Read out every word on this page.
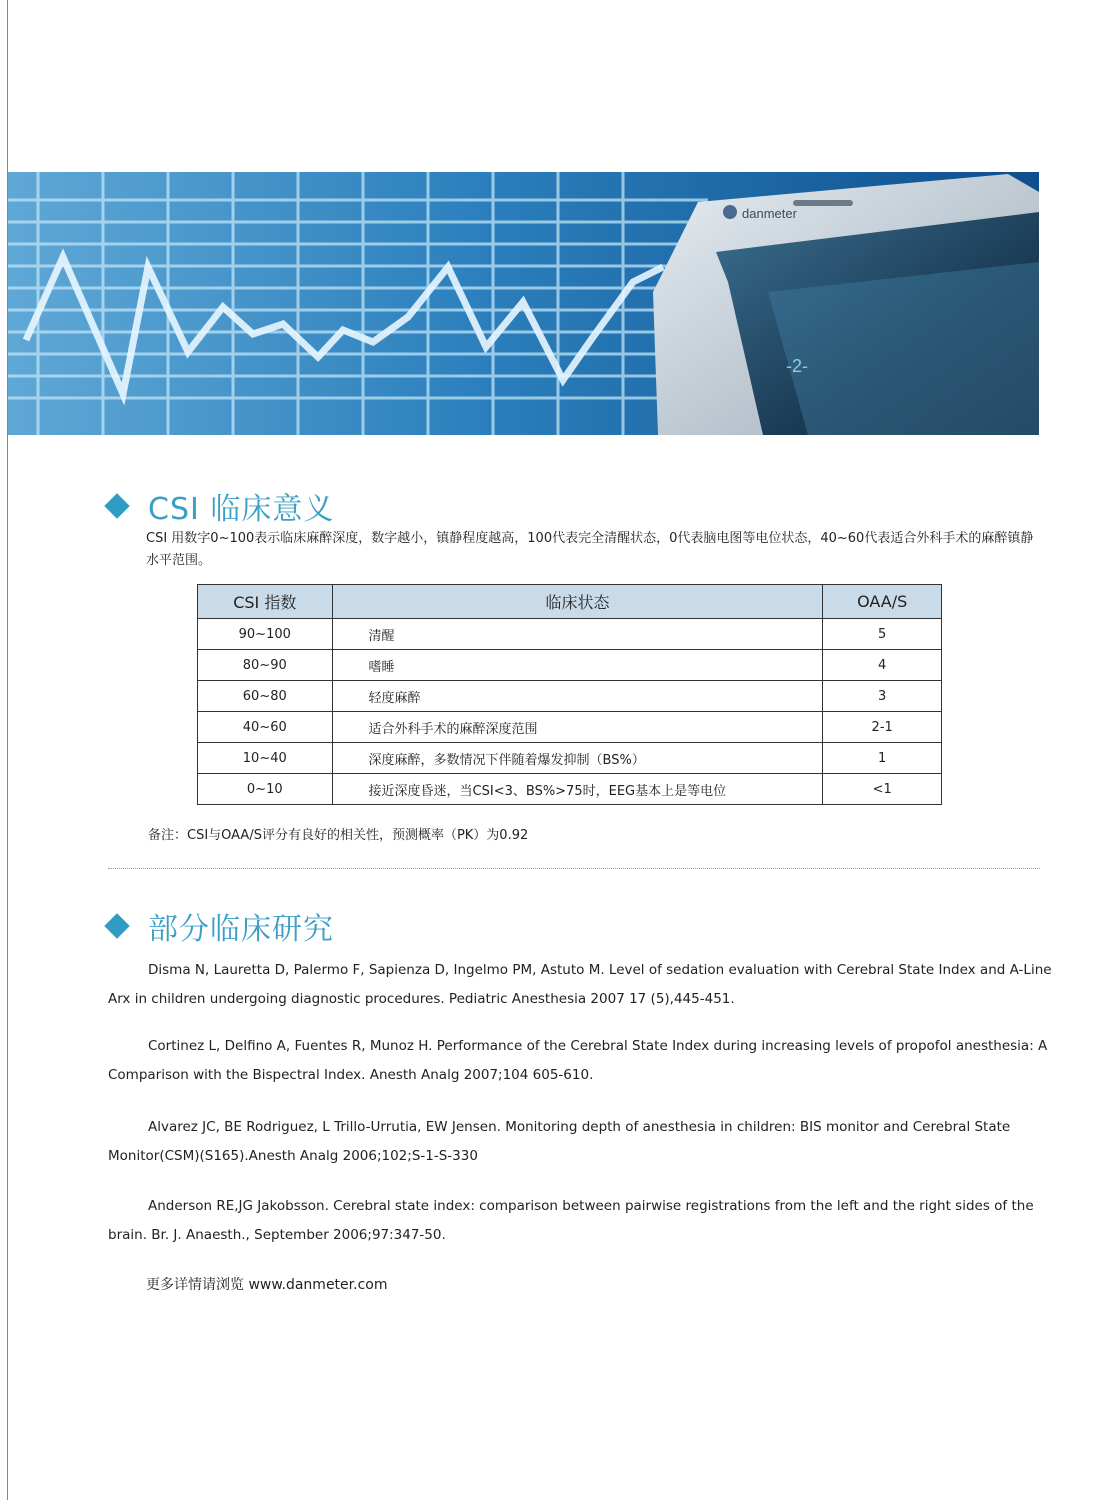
danmeter
-2-
CSI 临床意义
CSI 用数字0~100表示临床麻醉深度，数字越小，镇静程度越高，100代表完全清醒状态，0代表脑电图等电位状态，40~60代表适合外科手术的麻醉镇静水平范围。
CSI 指数	临床状态	OAA/S
90~100	清醒	5
80~90	嗜睡	4
60~80	轻度麻醉	3
40~60	适合外科手术的麻醉深度范围	2-1
10~40	深度麻醉，多数情况下伴随着爆发抑制（BS%）	1
0~10	接近深度昏迷，当CSI<3、BS%>75时，EEG基本上是等电位	<1
备注：CSI与OAA/S评分有良好的相关性，预测概率（PK）为0.92
部分临床研究
Disma N, Lauretta D, Palermo F, Sapienza D, Ingelmo PM, Astuto M. Level of sedation evaluation with Cerebral State Index and A-Line Arx in children undergoing diagnostic procedures. Pediatric Anesthesia 2007 17 (5),445-451.
Cortinez L, Delfino A, Fuentes R, Munoz H. Performance of the Cerebral State Index during increasing levels of propofol anesthesia: A Comparison with the Bispectral Index. Anesth Analg 2007;104 605-610.
Alvarez JC, BE Rodriguez, L Trillo-Urrutia, EW Jensen. Monitoring depth of anesthesia in children: BIS monitor and Cerebral State Monitor(CSM)(S165).Anesth Analg 2006;102;S-1-S-330
Anderson RE,JG Jakobsson. Cerebral state index: comparison between pairwise registrations from the left and the right sides of the brain. Br. J. Anaesth., September 2006;97:347-50.
更多详情请浏览 www.danmeter.com
